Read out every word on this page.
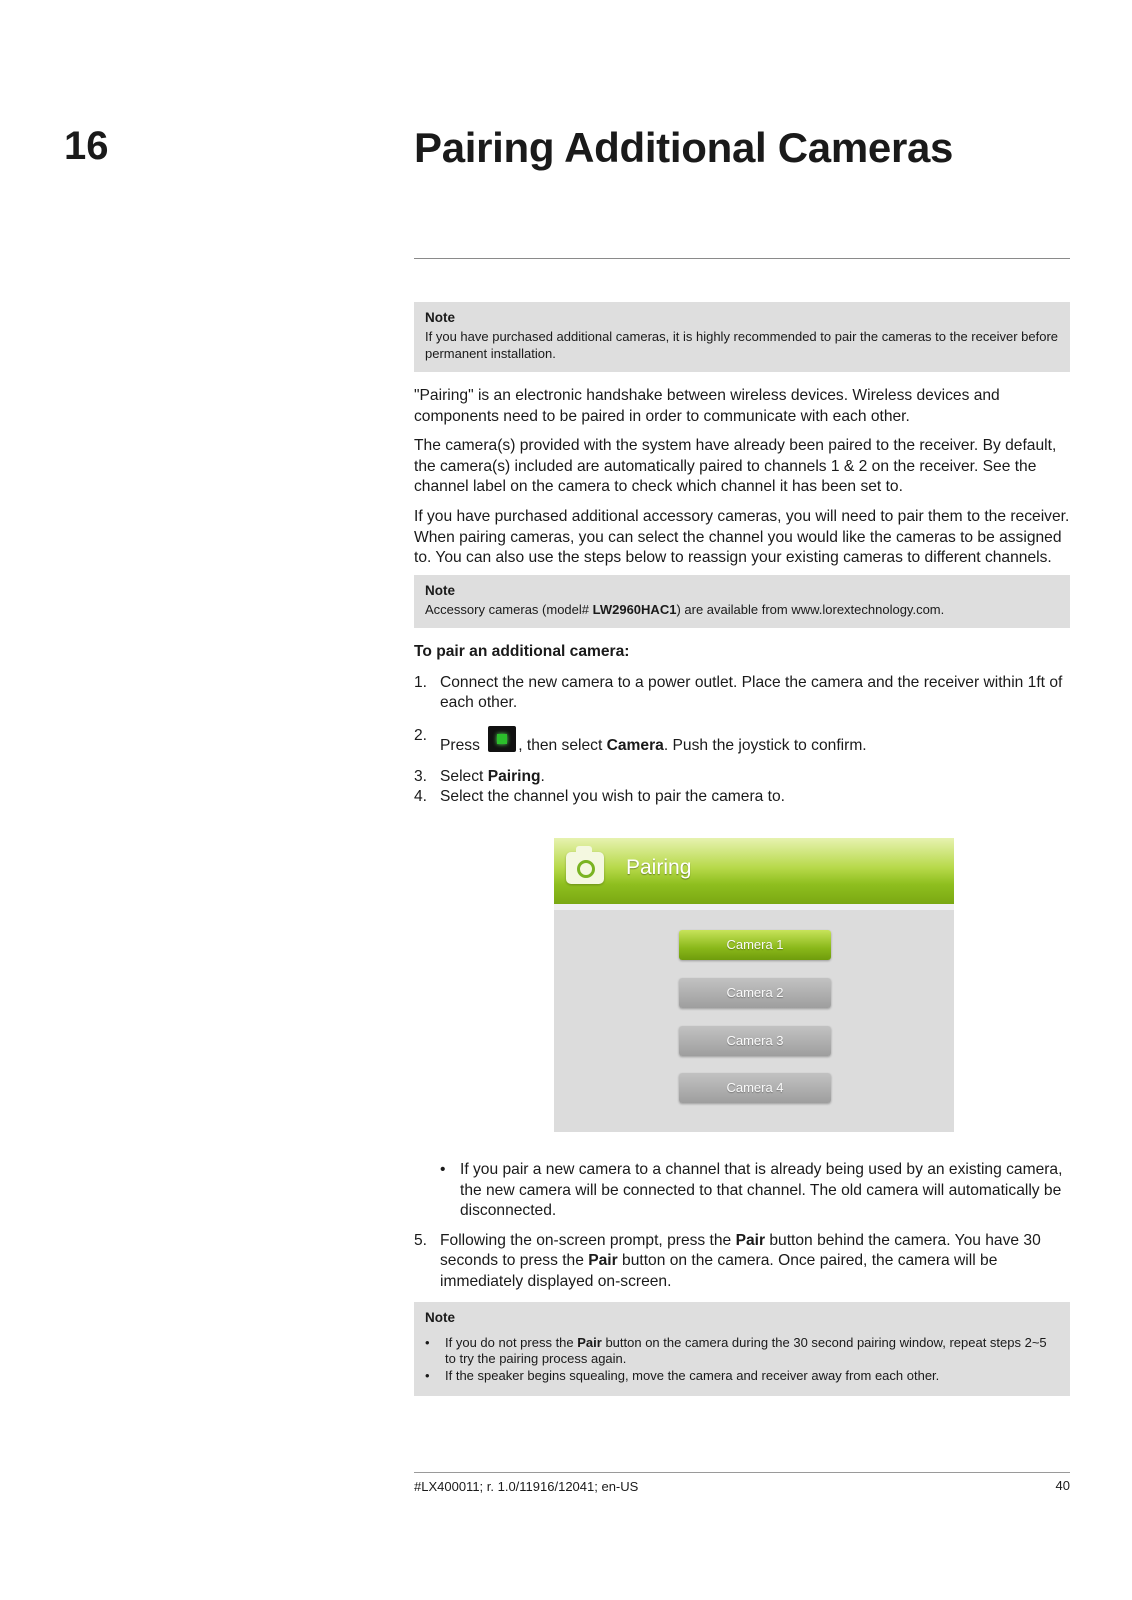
16	Pairing Additional Cameras
Note
If you have purchased additional cameras, it is highly recommended to pair the cameras to the receiver before permanent installation.

"Pairing" is an electronic handshake between wireless devices. Wireless devices and components need to be paired in order to communicate with each other.

The camera(s) provided with the system have already been paired to the receiver. By default, the camera(s) included are automatically paired to channels 1 & 2 on the receiver. See the channel label on the camera to check which channel it has been set to.

If you have purchased additional accessory cameras, you will need to pair them to the receiver. When pairing cameras, you can select the channel you would like the cameras to be assigned to. You can also use the steps below to reassign your existing cameras to different channels.

Note
Accessory cameras (model# LW2960HAC1) are available from www.lorextechnology.com.

To pair an additional camera:

1. Connect the new camera to a power outlet. Place the camera and the receiver within 1ft of each other.
2.
Press , then select Camera. Push the joystick to confirm.
3. Select Pairing.
4. Select the channel you wish to pair the camera to.
Pairing
Camera 1
Camera 2
Camera 3
Camera 4
• If you pair a new camera to a channel that is already being used by an existing camera, the new camera will be connected to that channel. The old camera will automatically be disconnected.
5. Following the on-screen prompt, press the Pair button behind the camera. You have 30 seconds to press the Pair button on the camera. Once paired, the camera will be immediately displayed on-screen.
Note
•	If you do not press the Pair button on the camera during the 30 second pairing window, repeat steps 2~5 to try the pairing process again.
•	If the speaker begins squealing, move the camera and receiver away from each other.
#LX400011; r. 1.0/11916/12041; en-US	40
